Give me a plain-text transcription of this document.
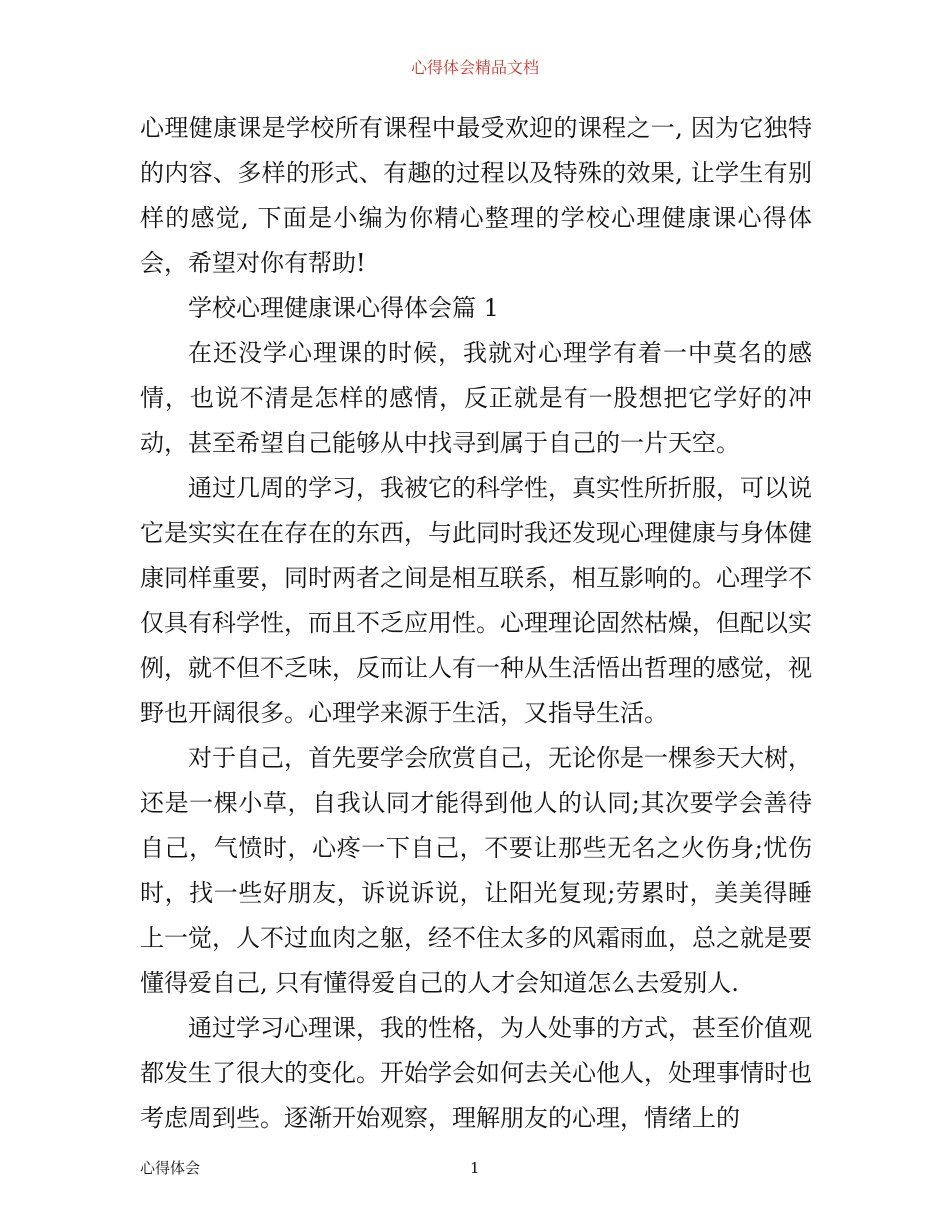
心得体会精品文档

心理健康课是学校所有课程中最受欢迎的课程之一, 因为它独特的内容、多样的形式、有趣的过程以及特殊的效果, 让学生有别样的感觉, 下面是小编为你精心整理的学校心理健康课心得体会，希望对你有帮助!

学校心理健康课心得体会篇 1

在还没学心理课的时候，我就对心理学有着一中莫名的感情，也说不清是怎样的感情，反正就是有一股想把它学好的冲动，甚至希望自己能够从中找寻到属于自己的一片天空。

通过几周的学习，我被它的科学性，真实性所折服，可以说它是实实在在存在的东西，与此同时我还发现心理健康与身体健康同样重要，同时两者之间是相互联系，相互影响的。心理学不仅具有科学性，而且不乏应用性。心理理论固然枯燥，但配以实例，就不但不乏味，反而让人有一种从生活悟出哲理的感觉，视野也开阔很多。心理学来源于生活，又指导生活。

对于自己，首先要学会欣赏自己，无论你是一棵参天大树，还是一棵小草，自我认同才能得到他人的认同;其次要学会善待自己，气愤时，心疼一下自己，不要让那些无名之火伤身;忧伤时，找一些好朋友，诉说诉说，让阳光复现;劳累时，美美得睡上一觉，人不过血肉之躯，经不住太多的风霜雨血，总之就是要懂得爱自己, 只有懂得爱自己的人才会知道怎么去爱别人.

通过学习心理课，我的性格，为人处事的方式，甚至价值观都发生了很大的变化。开始学会如何去关心他人，处理事情时也考虑周到些。逐渐开始观察，理解朋友的心理，情绪上的

心得体会	1
